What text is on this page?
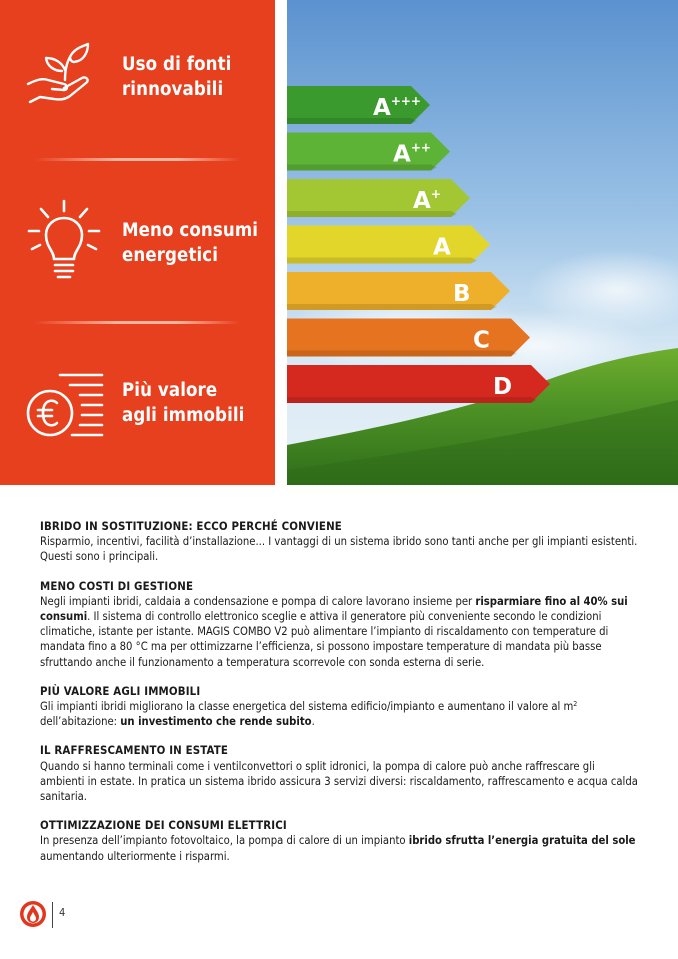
Uso di fonti
rinnovabili
Meno consumi
energetici
Più valore
agli immobili
A+++
A++
A+
A
B
C
D
IBRIDO IN SOSTITUZIONE: ECCO PERCHÉ CONVIENE

Risparmio, incentivi, facilità d’installazione... I vantaggi di un sistema ibrido sono tanti anche per gli impianti esistenti. Questi sono i principali.

MENO COSTI DI GESTIONE

Negli impianti ibridi, caldaia a condensazione e pompa di calore lavorano insieme per risparmiare fino al 40% sui consumi. Il sistema di controllo elettronico sceglie e attiva il generatore più conveniente secondo le condizioni climatiche, istante per istante. MAGIS COMBO V2 può alimentare l’impianto di riscaldamento con temperature di mandata fino a 80 °C ma per ottimizzarne l’efficienza, si possono impostare temperature di mandata più basse sfruttando anche il funzionamento a temperatura scorrevole con sonda esterna di serie.

PIÙ VALORE AGLI IMMOBILI

Gli impianti ibridi migliorano la classe energetica del sistema edificio/impianto e aumentano il valore al $m^2$ dell’abitazione: un investimento che rende subito.

IL RAFFRESCAMENTO IN ESTATE

Quando si hanno terminali come i ventilconvettori o split idronici, la pompa di calore può anche raffrescare gli ambienti in estate. In pratica un sistema ibrido assicura 3 servizi diversi: riscaldamento, raffrescamento e acqua calda sanitaria.

OTTIMIZZAZIONE DEI CONSUMI ELETTRICI

In presenza dell’impianto fotovoltaico, la pompa di calore di un impianto ibrido sfrutta l’energia gratuita del sole aumentando ulteriormente i risparmi.

4
